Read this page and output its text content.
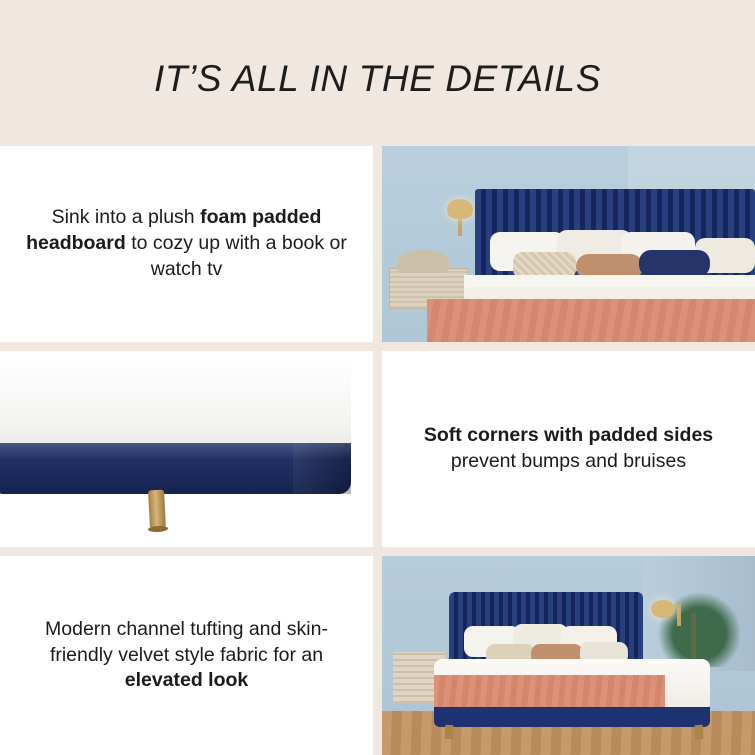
IT’S ALL IN THE DETAILS

Sink into a plush foam padded headboard to cozy up with a book or watch tv

Soft corners with padded sides prevent bumps and bruises

Modern channel tufting and skin-friendly velvet style fabric for an elevated look
